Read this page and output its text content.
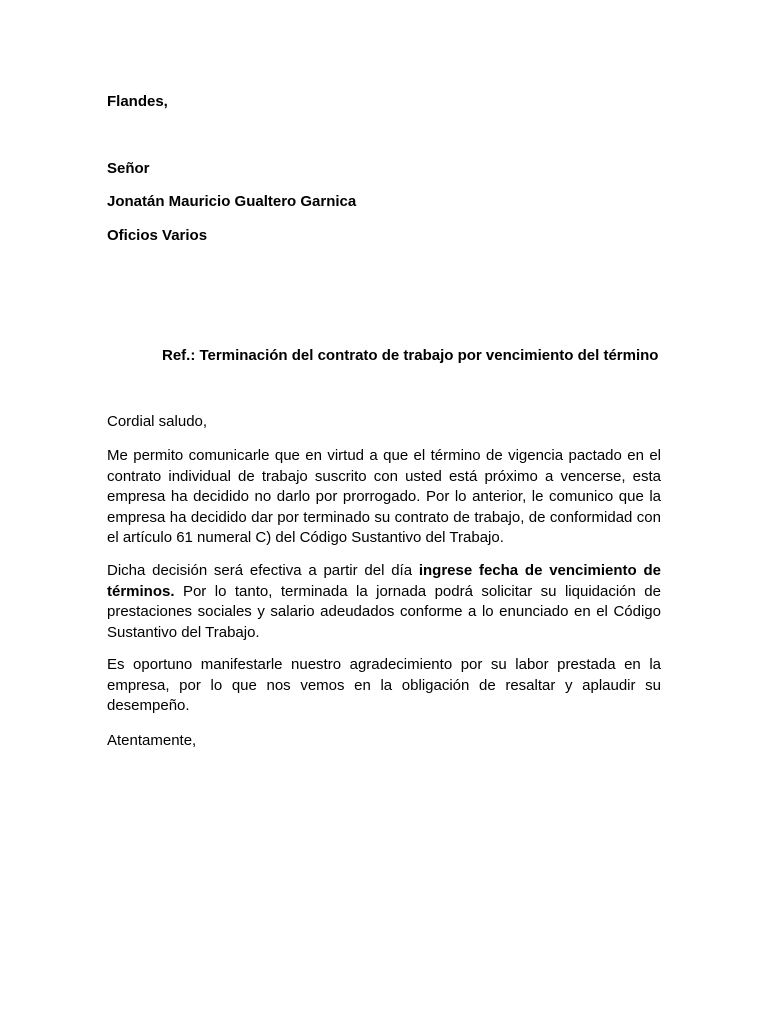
Flandes,

Señor

Jonatán Mauricio Gualtero Garnica

Oficios Varios

Ref.: Terminación del contrato de trabajo por vencimiento del término

Cordial saludo,

Me permito comunicarle que en virtud a que el término de vigencia pactado en el contrato individual de trabajo suscrito con usted está próximo a vencerse, esta empresa ha decidido no darlo por prorrogado. Por lo anterior, le comunico que la empresa ha decidido dar por terminado su contrato de trabajo, de conformidad con el artículo 61 numeral C) del Código Sustantivo del Trabajo.

Dicha decisión será efectiva a partir del día ingrese fecha de vencimiento de términos. Por lo tanto, terminada la jornada podrá solicitar su liquidación de prestaciones sociales y salario adeudados conforme a lo enunciado en el Código Sustantivo del Trabajo.

Es oportuno manifestarle nuestro agradecimiento por su labor prestada en la empresa, por lo que nos vemos en la obligación de resaltar y aplaudir su desempeño.

Atentamente,
